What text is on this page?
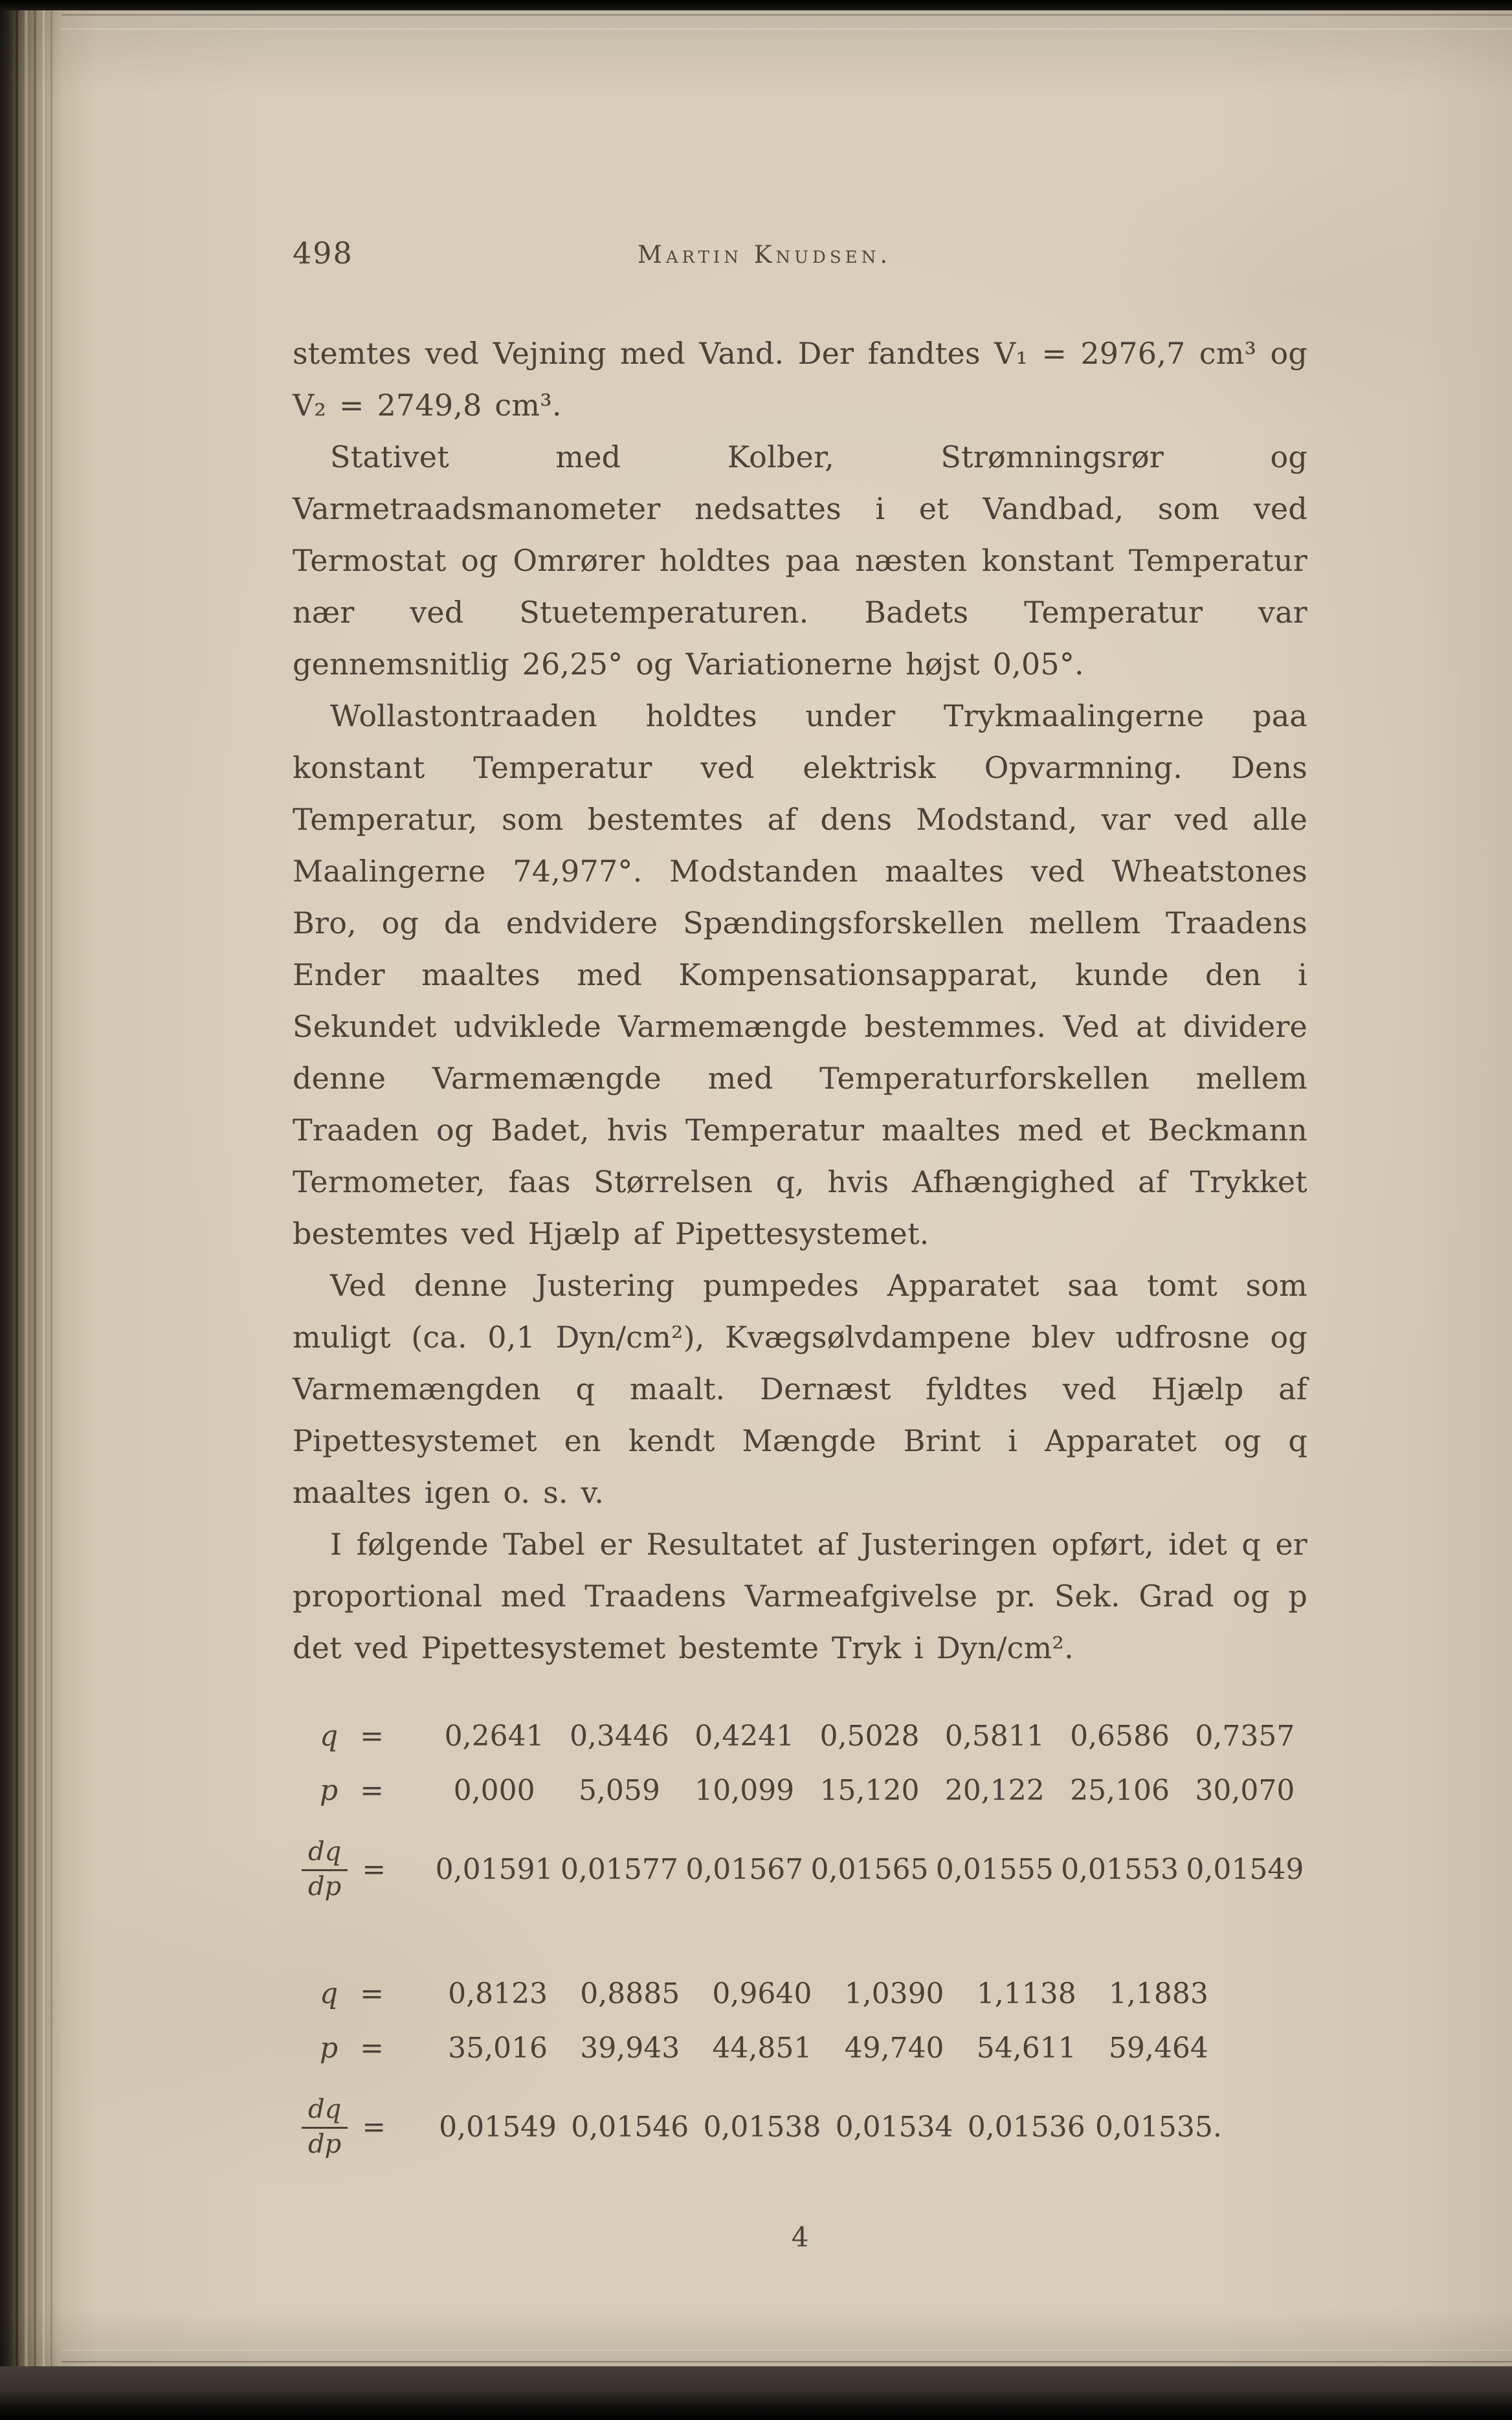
498	Martin Knudsen.

stemtes ved Vejning med Vand. Der fandtes V₁ = 2976,7 cm³ og V₂ = 2749,8 cm³.

Stativet med Kolber, Strømningsrør og Varmetraadsmanometer nedsattes i et Vandbad, som ved Termostat og Omrører holdtes paa næsten konstant Temperatur nær ved Stuetemperaturen. Badets Temperatur var gennemsnitlig 26,25° og Variationerne højst 0,05°.

Wollastontraaden holdtes under Trykmaalingerne paa konstant Temperatur ved elektrisk Opvarmning. Dens Temperatur, som bestemtes af dens Modstand, var ved alle Maalingerne 74,977°. Modstanden maaltes ved Wheatstones Bro, og da endvidere Spændingsforskellen mellem Traadens Ender maaltes med Kompensationsapparat, kunde den i Sekundet udviklede Varmemængde bestemmes. Ved at dividere denne Varmemængde med Temperaturforskellen mellem Traaden og Badet, hvis Temperatur maaltes med et Beckmann Termometer, faas Størrelsen q, hvis Afhængighed af Trykket bestemtes ved Hjælp af Pipettesystemet.

Ved denne Justering pumpedes Apparatet saa tomt som muligt (ca. 0,1 Dyn/cm²), Kvægsølvdampene blev udfrosne og Varmemængden q maalt. Dernæst fyldtes ved Hjælp af Pipettesystemet en kendt Mængde Brint i Apparatet og q maaltes igen o. s. v.

I følgende Tabel er Resultatet af Justeringen opført, idet q er proportional med Traadens Varmeafgivelse pr. Sek. Grad og p det ved Pipettesystemet bestemte Tryk i Dyn/cm².

q =	0,2641 0,3446 0,4241 0,5028 0,5811 0,6586 0,7357
p =	0,000	5,059	10,099 15,120 20,122 25,106 30,070
$\frac{dq}{dp} = 0,01591$ 0,01577 0,01567 0,01565 0,01555 0,01553 0,01549
q =	0,8123	0,8885	0,9640	1,0390	1,1138	1,1883
p =	35,016	39,943	44,851	49,740	54,611	59,464
$\frac{dq}{dp} = 0,01549$ 0,01546 0,01538 0,01534 0,01536 0,01535.
4
